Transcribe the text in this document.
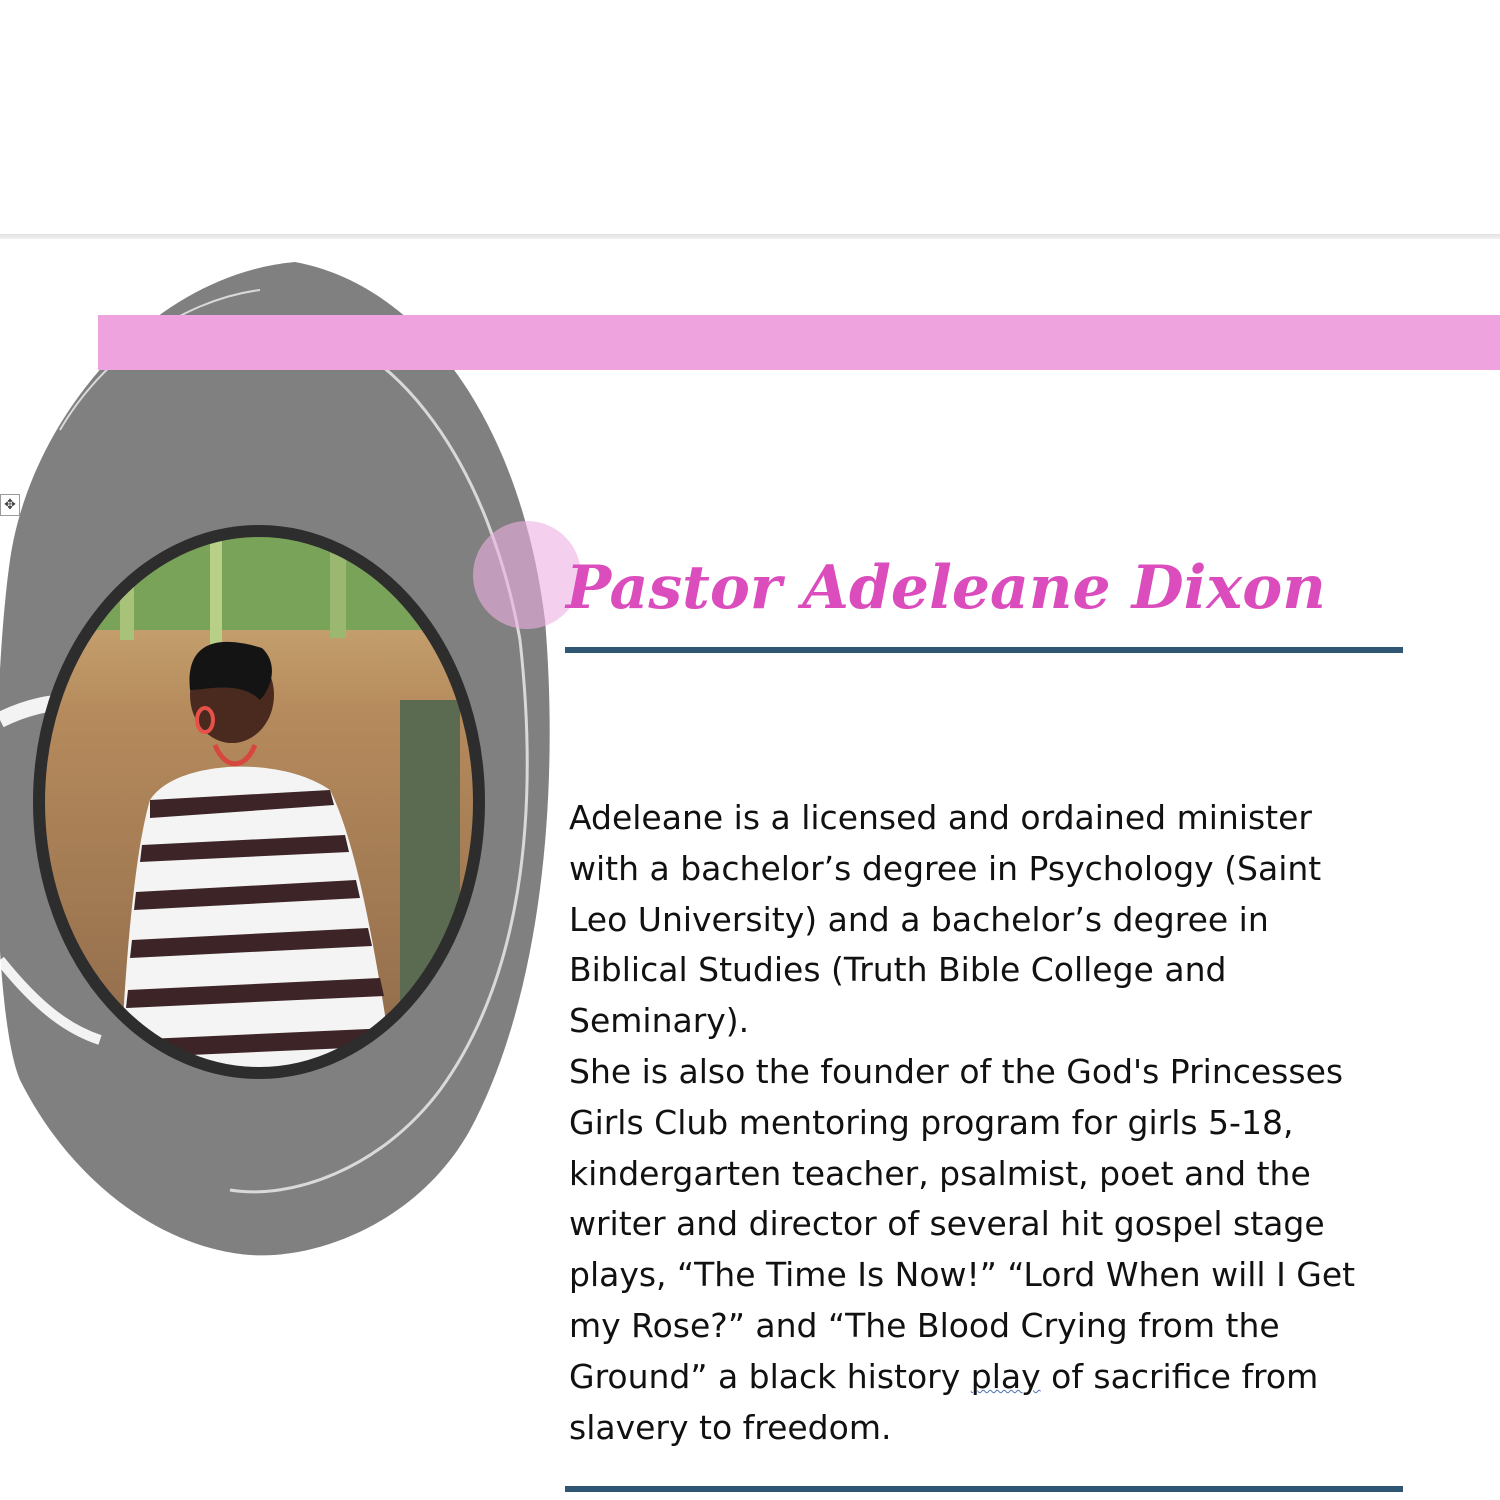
✥
Pastor Adeleane Dixon

Adeleane is a licensed and ordained minister with a bachelor’s degree in Psychology (Saint Leo University) and a bachelor’s degree in Biblical Studies (Truth Bible College and Seminary).

She is also the founder of the God's Princesses Girls Club mentoring program for girls 5-18, kindergarten teacher, psalmist, poet and the writer and director of several hit gospel stage plays, “The Time Is Now!” “Lord When will I Get my Rose?” and “The Blood Crying from the Ground” a black history play of sacrifice from slavery to freedom.
